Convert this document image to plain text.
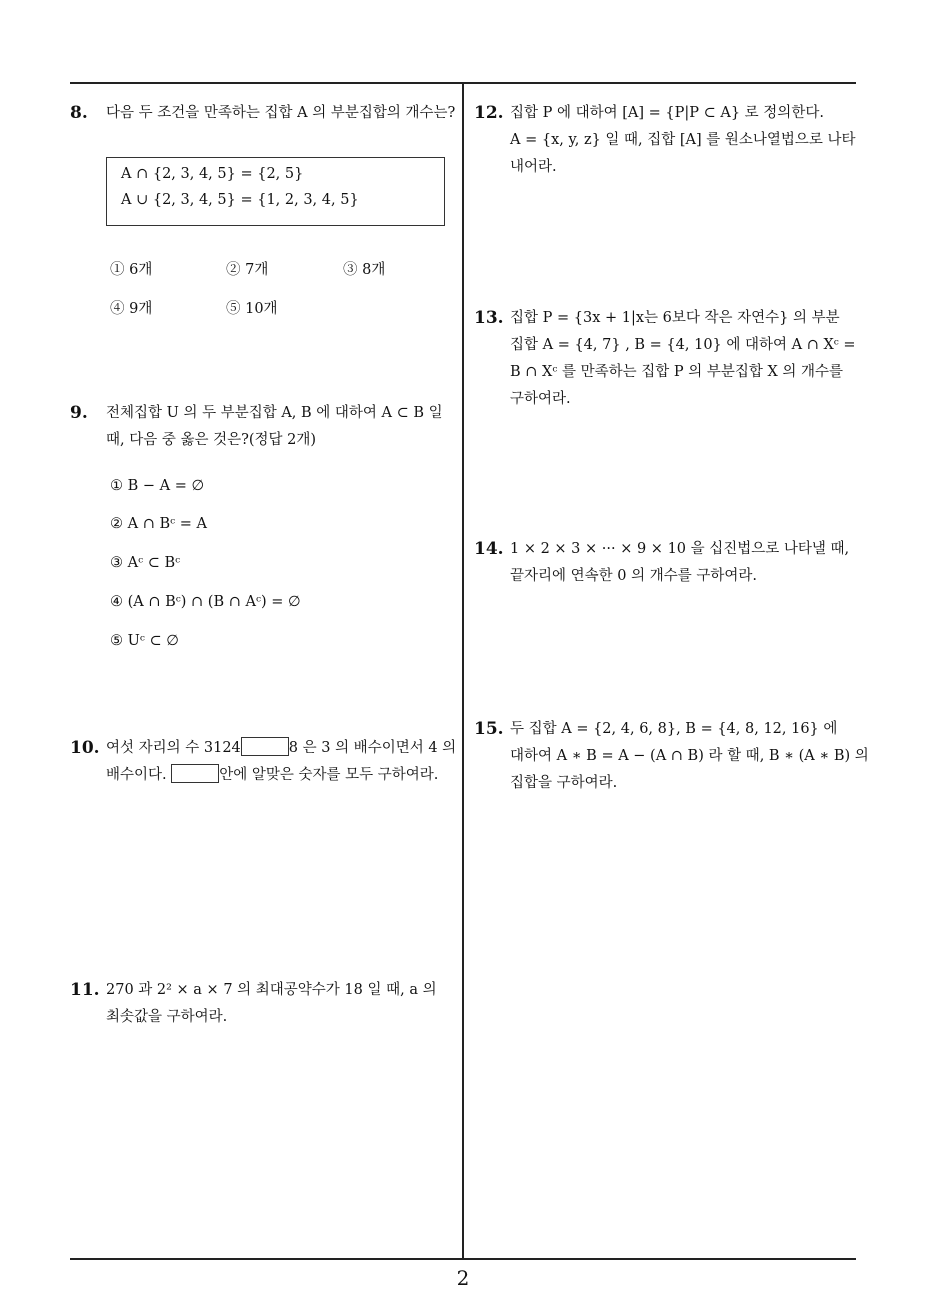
8. 다음 두 조건을 만족하는 집합 A 의 부분집합의 개수는?
A ∩ {2, 3, 4, 5} = {2, 5}
A ∪ {2, 3, 4, 5} = {1, 2, 3, 4, 5}
① 6개	② 7개	③ 8개
④ 9개	⑤ 10개
9. 전체집합 U 의 두 부분집합 A, B 에 대하여 A ⊂ B 일 때, 다음 중 옳은 것은?(정답 2개)
① B − A = ∅
② A ∩ Bᶜ = A
③ Aᶜ ⊂ Bᶜ
④ (A ∩ Bᶜ) ∩ (B ∩ Aᶜ) = ∅
⑤ Uᶜ ⊂ ∅
10. 여섯 자리의 수 3124	8 은 3 의 배수이면서 4 의
배수이다.	안에 알맞은 숫자를 모두 구하여라.
11. 270 과 2² × a × 7 의 최대공약수가 18 일 때, a 의
최솟값을 구하여라.
12. 집합 P 에 대하여 [A] = {P|P ⊂ A} 로 정의한다.
A = {x, y, z} 일 때, 집합 [A] 를 원소나열법으로 나타
내어라.
13. 집합 P = {3x + 1|x는 6보다 작은 자연수} 의 부분
집합 A = {4, 7} , B = {4, 10} 에 대하여 A ∩ Xᶜ =
B ∩ Xᶜ 를 만족하는 집합 P 의 부분집합 X 의 개수를
구하여라.
14. 1 × 2 × 3 × ··· × 9 × 10 을 십진법으로 나타낼 때,
끝자리에 연속한 0 의 개수를 구하여라.
15. 두 집합 A = {2, 4, 6, 8}, B = {4, 8, 12, 16} 에
대하여 A ∗ B = A − (A ∩ B) 라 할 때, B ∗ (A ∗ B) 의
집합을 구하여라.
2
